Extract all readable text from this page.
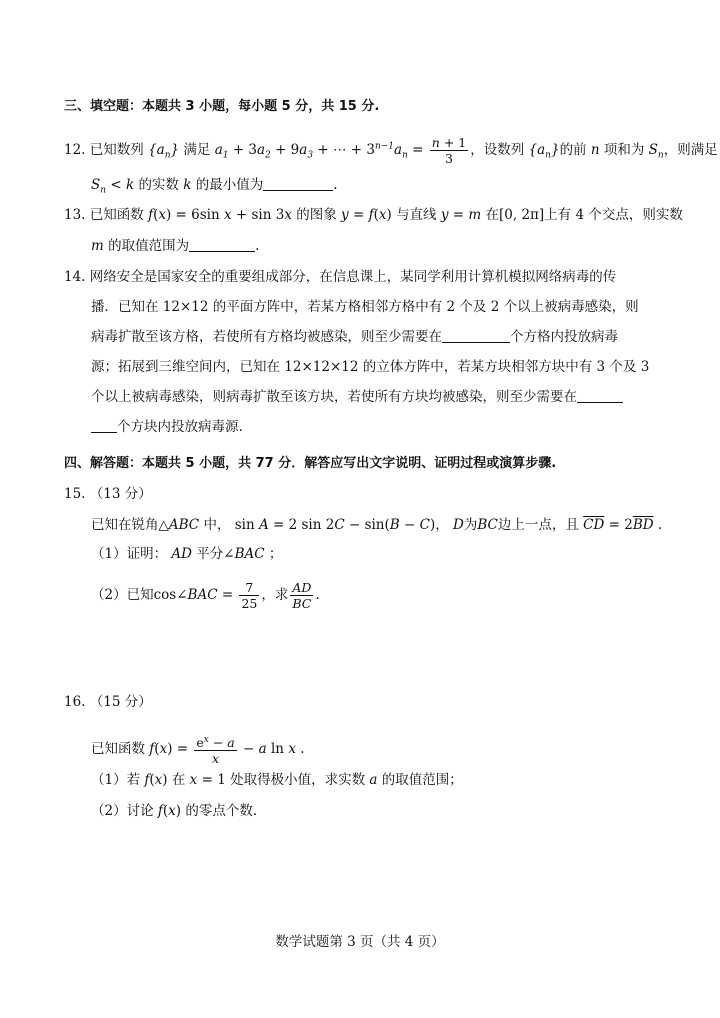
三、填空题：本题共 3 小题，每小题 5 分，共 15 分.
12. 已知数列 $\{a_n\}$ 满足 $a_1 + 3a_2 + 9a_3$ + ⋯ + $3^{n-1}a_n = \frac{n + 1}{3}$ ，设数列 $\{a_n\}$的前 n 项和为 $S_n$，则满足
$S_n < k$ 的实数 k 的最小值为	.
13. 已知函数 f(x) = 6sin x + sin 3x 的图象 y = f(x) 与直线 y = m 在[0, 2π]上有 4 个交点，则实数
m 的取值范围为	.
14. 网络安全是国家安全的重要组成部分，在信息课上，某同学利用计算机模拟网络病毒的传
播．已知在 12×12 的平面方阵中，若某方格相邻方格中有 2 个及 2 个以上被病毒感染，则
病毒扩散至该方格，若使所有方格均被感染，则至少需要在	个方格内投放病毒
源；拓展到三维空间内，已知在 12×12×12 的立体方阵中，若某方块相邻方块中有 3 个及 3
个以上被病毒感染，则病毒扩散至该方块，若使所有方块均被感染，则至少需要在
个方块内投放病毒源.
四、解答题：本题共 5 小题，共 77 分．解答应写出文字说明、证明过程或演算步骤.
15. （13 分）
已知在锐角△ABC 中， sin A = 2 sin 2C − sin(B − C)， D为BC边上一点，且 $\overline{CD} = 2\overline{BD}$ .
（1）证明： AD 平分∠BAC ；
（2）已知cos∠BAC = $\frac{7}{25}$ ，求 $\frac{AD}{BC}$ .
16. （15 分）
已知函数 $f(x) = \frac{e^x - a}{x} - a$ ln x .
（1）若 f(x) 在 x = 1 处取得极小值，求实数 a 的取值范围；
（2）讨论 f(x) 的零点个数.
数学试题第 3 页（共 4 页）
